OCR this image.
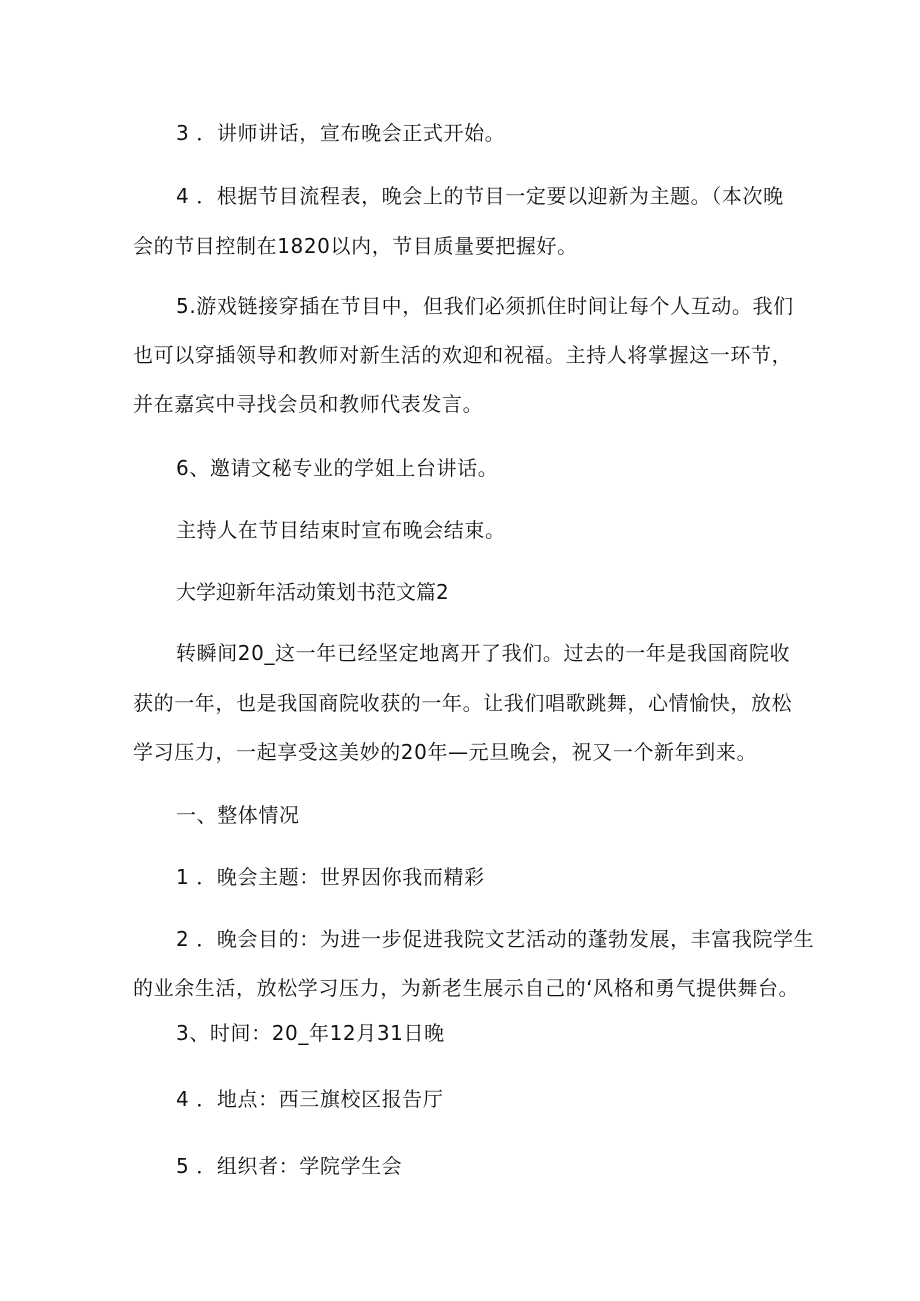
3 ．讲师讲话，宣布晚会正式开始。
4 ．根据节目流程表，晚会上的节目一定要以迎新为主题。（本次晚
会的节目控制在1820以内，节目质量要把握好。
5.游戏链接穿插在节目中，但我们必须抓住时间让每个人互动。我们
也可以穿插领导和教师对新生活的欢迎和祝福。主持人将掌握这一环节，
并在嘉宾中寻找会员和教师代表发言。
6、邀请文秘专业的学姐上台讲话。
主持人在节目结束时宣布晚会结束。
大学迎新年活动策划书范文篇2
转瞬间20_这一年已经坚定地离开了我们。过去的一年是我国商院收
获的一年，也是我国商院收获的一年。让我们唱歌跳舞，心情愉快，放松
学习压力，一起享受这美妙的20年—元旦晚会，祝又一个新年到来。
一、整体情况
1 ．晚会主题：世界因你我而精彩
2 ．晚会目的：为进一步促进我院文艺活动的蓬勃发展，丰富我院学生
的业余生活，放松学习压力，为新老生展示自己的‘风格和勇气提供舞台。
3、时间：20_年12月31日晚
4 ．地点：西三旗校区报告厅
5 ．组织者：学院学生会
